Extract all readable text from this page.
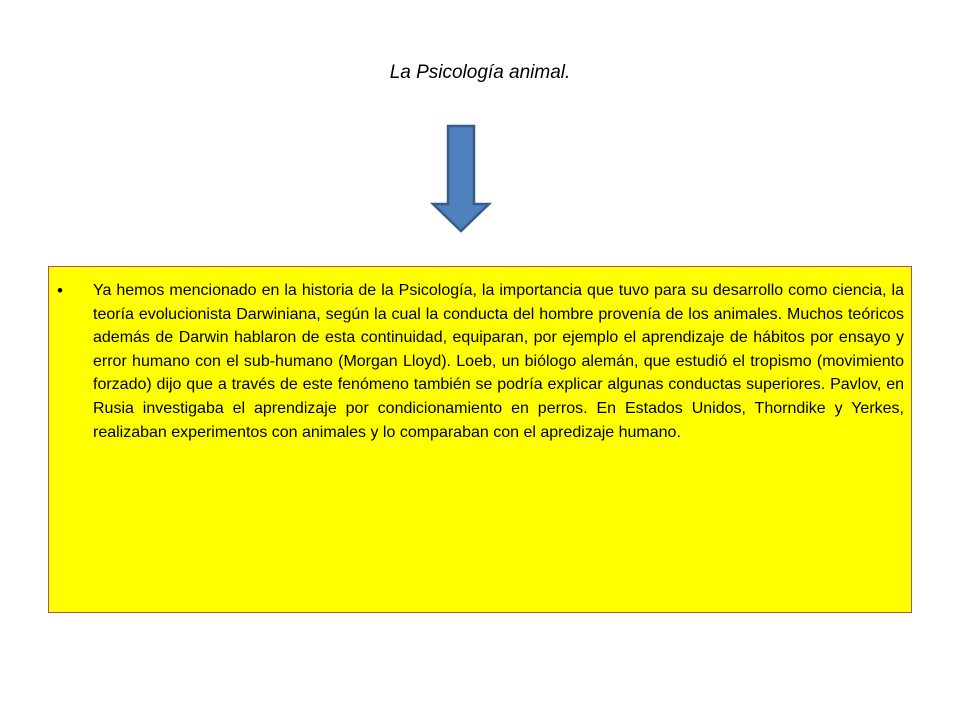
La Psicología animal.
• Ya hemos mencionado en la historia de la Psicología, la importancia que tuvo para su desarrollo como ciencia, la teoría evolucionista Darwiniana, según la cual la conducta del hombre provenía de los animales. Muchos teóricos además de Darwin hablaron de esta continuidad, equiparan, por ejemplo el aprendizaje de hábitos por ensayo y error humano con el sub-humano (Morgan Lloyd). Loeb, un biólogo alemán, que estudió el tropismo (movimiento forzado) dijo que a través de este fenómeno también se podría explicar algunas conductas superiores. Pavlov, en Rusia investigaba el aprendizaje por condicionamiento en perros. En Estados Unidos, Thorndike y Yerkes, realizaban experimentos con animales y lo comparaban con el apredizaje humano.
